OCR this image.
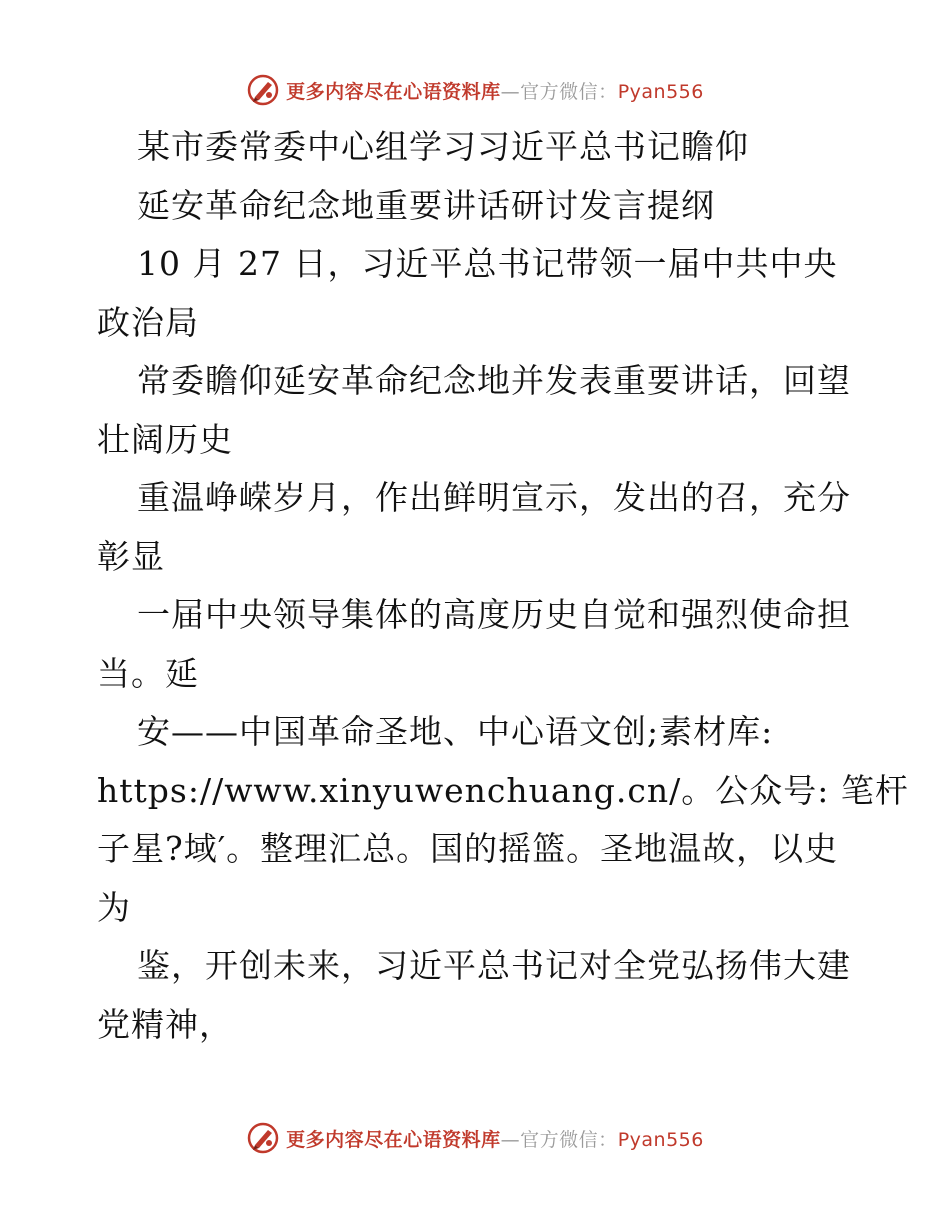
更多内容尽在心语资料库—官方微信：Pyan556
某市委常委中心组学习习近平总书记瞻仰
延安革命纪念地重要讲话研讨发言提纲
10 月 27 日，习近平总书记带领一届中共中央
政治局
常委瞻仰延安革命纪念地并发表重要讲话，回望
壮阔历史
重温峥嵘岁月，作出鲜明宣示，发出的召，充分
彰显
一届中央领导集体的高度历史自觉和强烈使命担
当。延
安——中国革命圣地、中心语文创;素材库:
https://www.xinyuwenchuang.cn/。公众号: 笔杆
子星?域′。整理汇总。国的摇篮。圣地温故，以史
为
鉴，开创未来，习近平总书记对全党弘扬伟大建
党精神，
更多内容尽在心语资料库—官方微信：Pyan556
